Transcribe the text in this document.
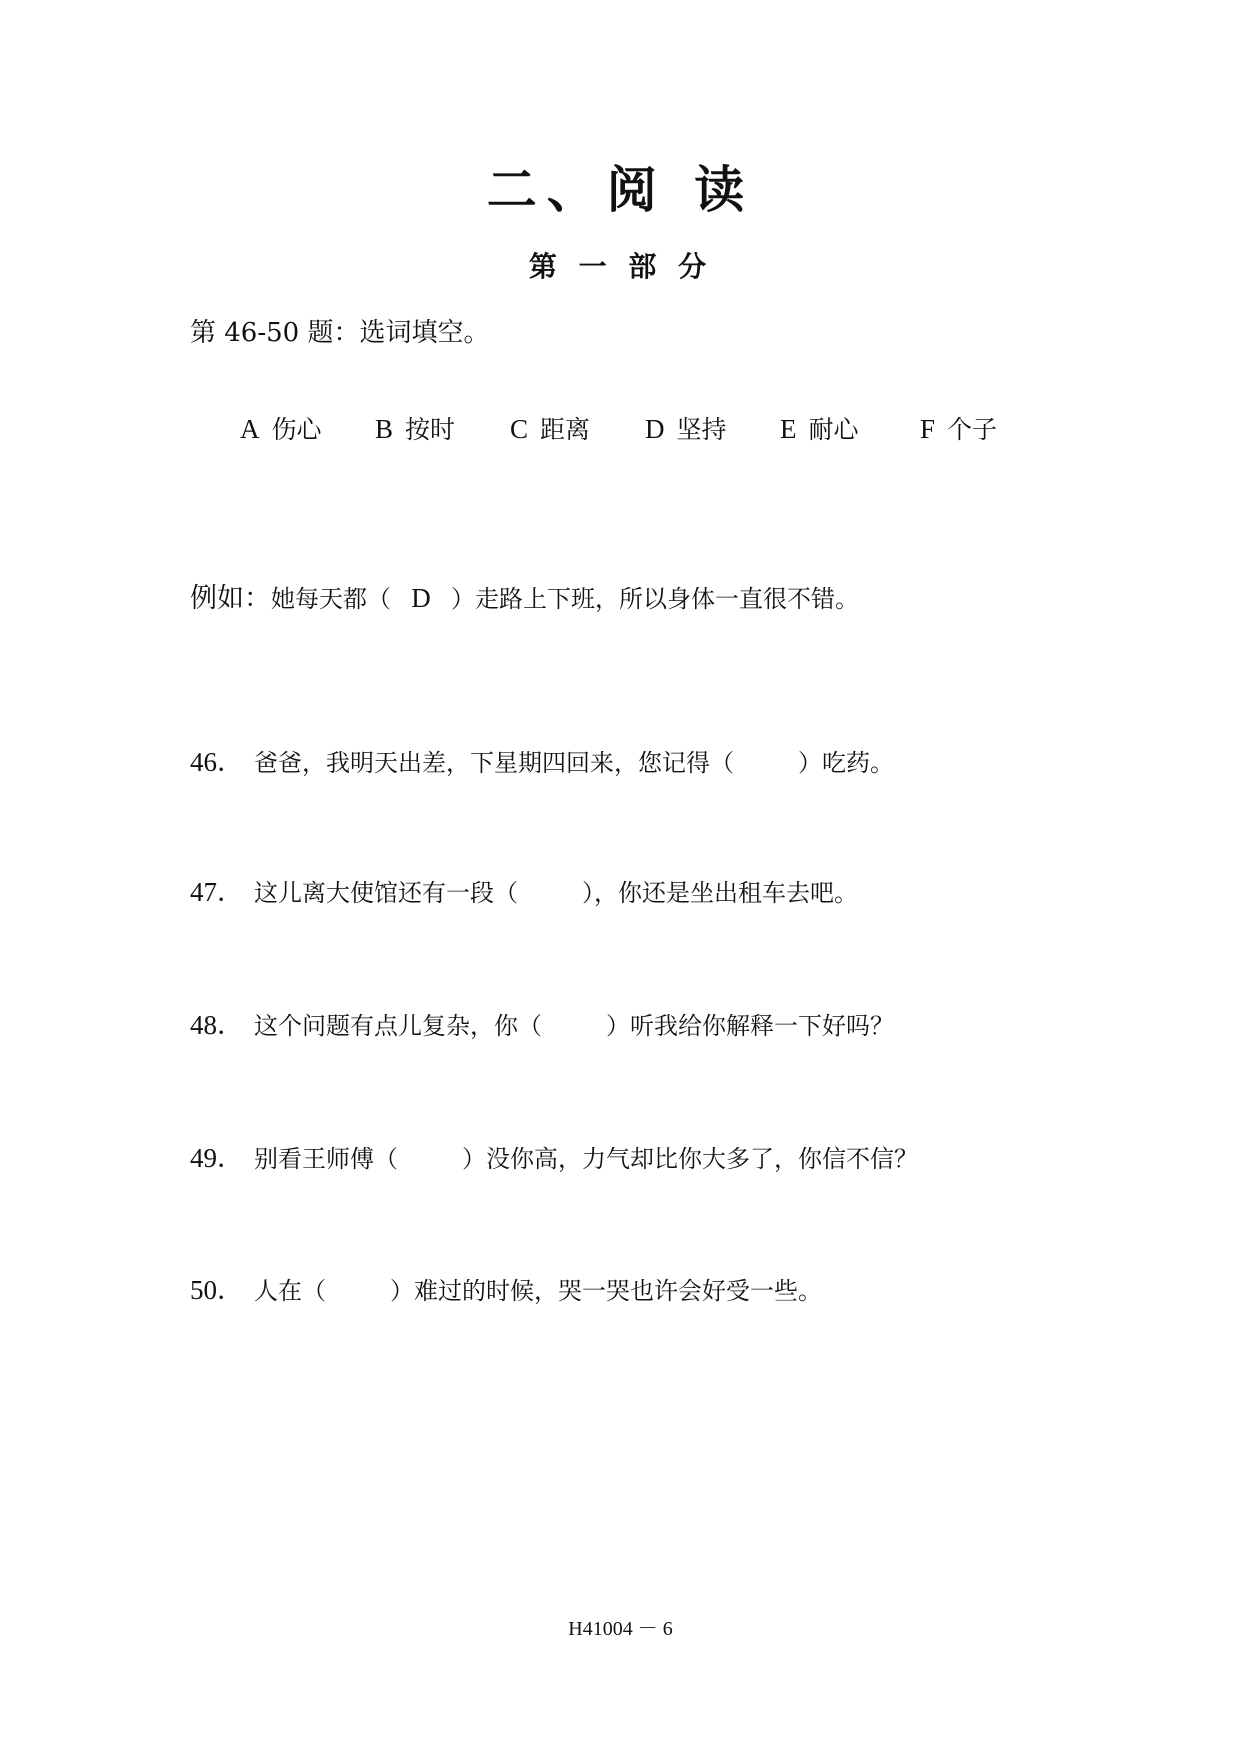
二、阅 读
第 一 部 分
第 46-50 题：选词填空。
A 伤心 B 按时 C 距离 D 坚持 E 耐心 F 个子
例如：她每天都（ D ）走路上下班，所以身体一直很不错。
46． 爸爸，我明天出差，下星期四回来，您记得（	）吃药。
47． 这儿离大使馆还有一段（	），你还是坐出租车去吧。
48． 这个问题有点儿复杂，你（	）听我给你解释一下好吗？
49． 别看王师傅（	）没你高，力气却比你大多了，你信不信？
50． 人在（	）难过的时候，哭一哭也许会好受一些。
H41004 － 6
